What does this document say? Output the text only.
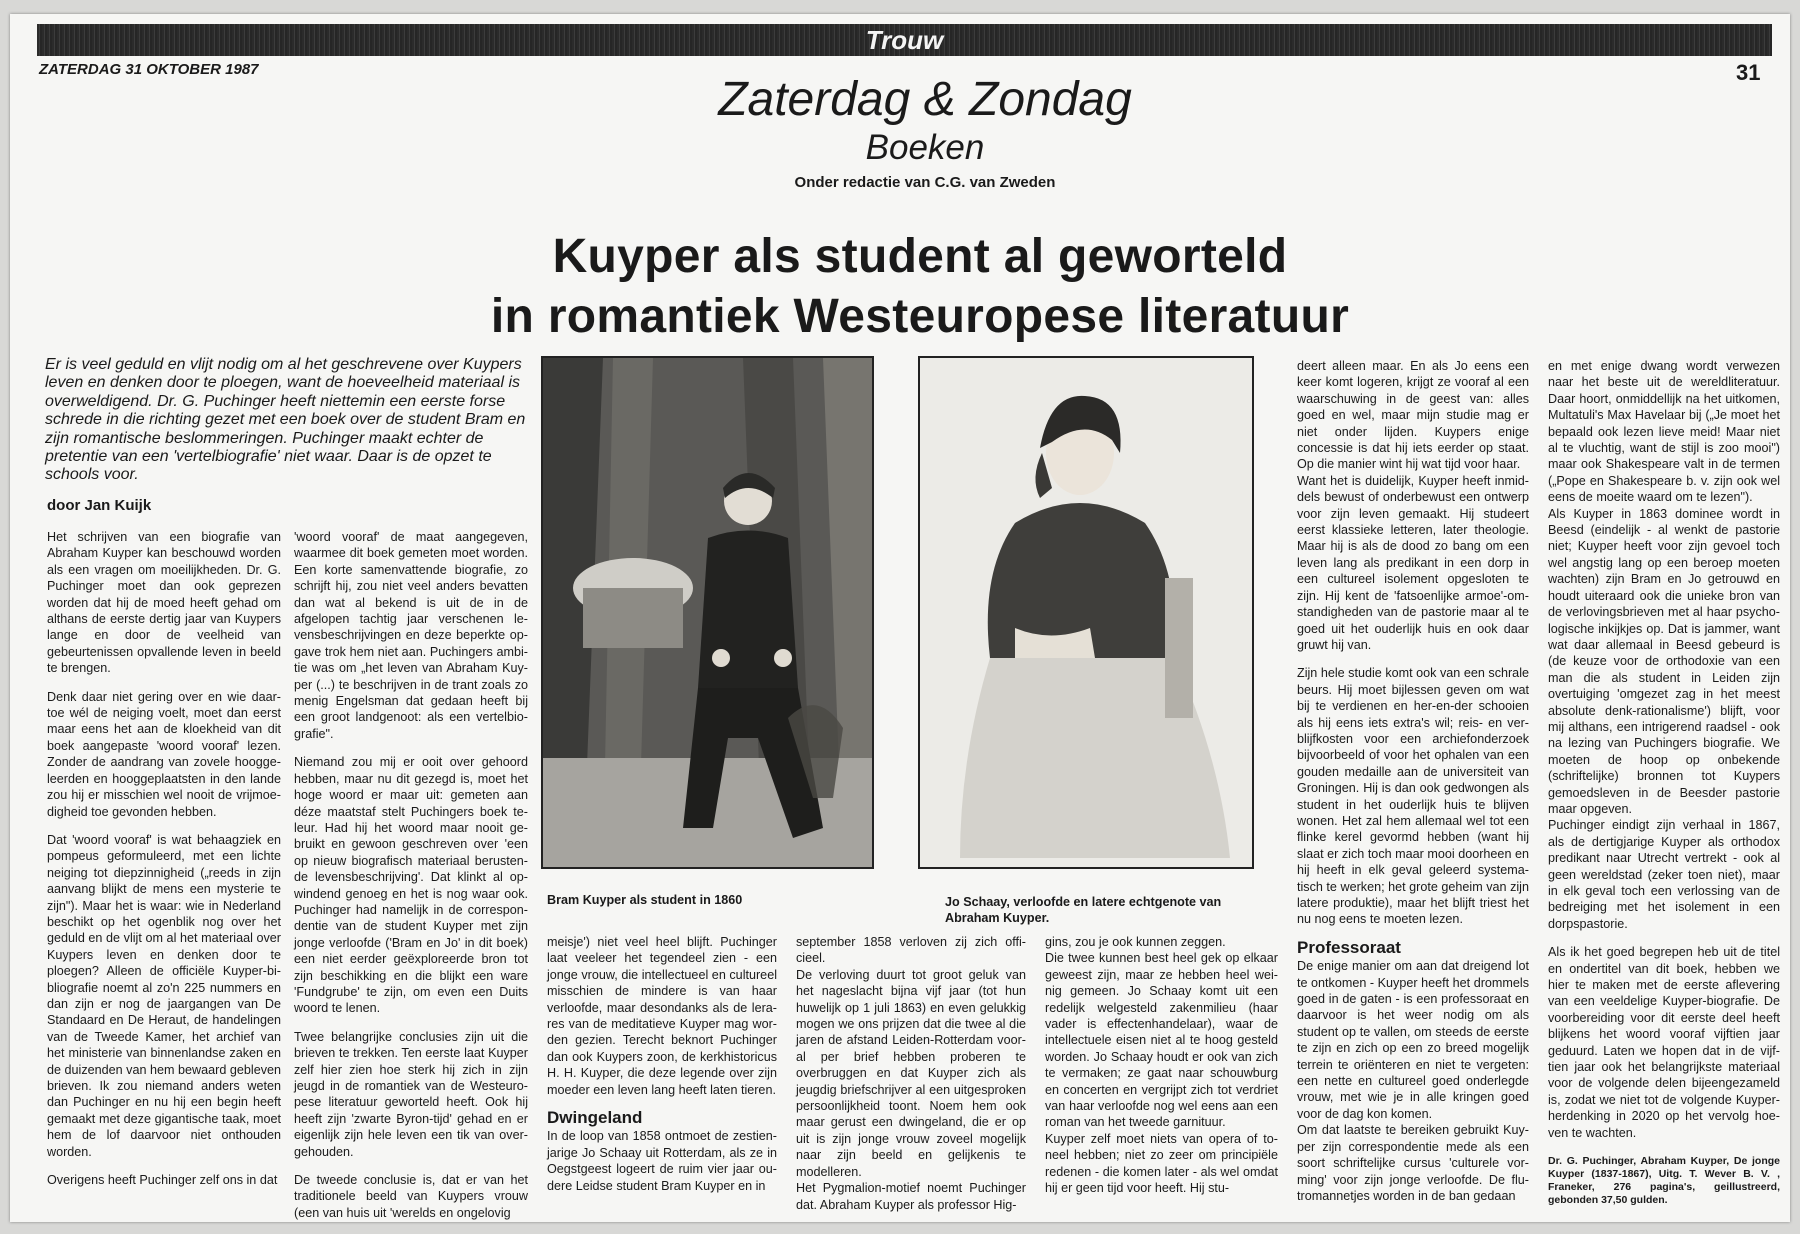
Trouw
ZATERDAG 31 OKTOBER 1987	31
Zaterdag & Zondag
Boeken
Onder redactie van C.G. van Zweden
Kuyper als student al geworteld
in romantiek Westeuropese literatuur
Er is veel geduld en vlijt nodig om al het geschrevene over Kuypers leven en denken door te ploegen, want de hoeveelheid materiaal is overweldigend. Dr. G. Puchinger heeft niettemin een eerste forse schrede in die richting gezet met een boek over de student Bram en zijn romantische beslommeringen. Puchinger maakt echter de pretentie van een 'vertelbiografie' niet waar. Daar is de opzet te schools voor.
door Jan Kuijk

Het schrijven van een biografie van Abraham Kuyper kan beschouwd worden als een vragen om moeilijkheden. Dr. G. Puchinger moet dan ook geprezen worden dat hij de moed heeft gehad om althans de eerste dertig jaar van Kuypers lange en door de veelheid van gebeurtenissen opvallende leven in beeld te brengen.

Denk daar niet gering over en wie daartoe wél de neiging voelt, moet dan eerst maar eens het aan de kloekheid van dit boek aangepaste 'woord vooraf' lezen. Zonder de aandrang van zovele hooggeleerden en hooggeplaatsten in den lande zou hij er misschien wel nooit de vrijmoedigheid toe gevonden hebben.

Dat 'woord vooraf' is wat behaagziek en pompeus geformuleerd, met een lichte neiging tot diepzinnigheid („reeds in zijn aanvang blijkt de mens een mysterie te zijn"). Maar het is waar: wie in Nederland beschikt op het ogenblik nog over het geduld en de vlijt om al het materiaal over Kuypers leven en denken door te ploegen? Alleen de officiële Kuyper-bibliografie noemt al zo'n 225 nummers en dan zijn er nog de jaargangen van De Standaard en De Heraut, de handelingen van de Tweede Kamer, het archief van het ministerie van binnenlandse zaken en de duizenden van hem bewaard gebleven brieven. Ik zou niemand anders weten dan Puchinger en nu hij een begin heeft gemaakt met deze gigantische taak, moet hem de lof daarvoor niet onthouden worden.

Overigens heeft Puchinger zelf ons in dat

'woord vooraf' de maat aangegeven, waarmee dit boek gemeten moet worden. Een korte samenvattende biografie, zo schrijft hij, zou niet veel anders bevatten dan wat al bekend is uit de in de afgelopen tachtig jaar verschenen levensbeschrijvingen en deze beperkte opgave trok hem niet aan. Puchingers ambitie was om „het leven van Abraham Kuyper (...) te beschrijven in de trant zoals zo menig Engelsman dat gedaan heeft bij een groot landgenoot: als een vertelbiografie".

Niemand zou mij er ooit over gehoord hebben, maar nu dit gezegd is, moet het hoge woord er maar uit: gemeten aan déze maatstaf stelt Puchingers boek teleur. Had hij het woord maar nooit gebruikt en gewoon geschreven over 'een op nieuw biografisch materiaal berustende levensbeschrijving'. Dat klinkt al opwindend genoeg en het is nog waar ook. Puchinger had namelijk in de correspondentie van de student Kuyper met zijn jonge verloofde ('Bram en Jo' in dit boek) een niet eerder geëxploreerde bron tot zijn beschikking en die blijkt een ware 'Fundgrube' te zijn, om even een Duits woord te lenen.

Twee belangrijke conclusies zijn uit die brieven te trekken. Ten eerste laat Kuyper zelf hier zien hoe sterk hij zich in zijn jeugd in de romantiek van de Westeuropese literatuur geworteld heeft. Ook hij heeft zijn 'zwarte Byron-tijd' gehad en er eigenlijk zijn hele leven een tik van overgehouden.

De tweede conclusie is, dat er van het traditionele beeld van Kuypers vrouw (een van huis uit 'werelds en ongelovig

Bram Kuyper als student in 1860	Jo Schaay, verloofde en latere echtgenote van Abraham Kuyper.

meisje') niet veel heel blijft. Puchinger laat veeleer het tegendeel zien - een jonge vrouw, die intellectueel en cultureel misschien de mindere is van haar verloofde, maar desondanks als de lerares van de meditatieve Kuyper mag worden gezien. Terecht beknort Puchinger dan ook Kuypers zoon, de kerkhistoricus H. H. Kuyper, die deze legende over zijn moeder een leven lang heeft laten tieren.

Dwingeland

In de loop van 1858 ontmoet de zestienjarige Jo Schaay uit Rotterdam, als ze in Oegstgeest logeert de ruim vier jaar oudere Leidse student Bram Kuyper en in

september 1858 verloven zij zich officieel.

De verloving duurt tot groot geluk van het nageslacht bijna vijf jaar (tot hun huwelijk op 1 juli 1863) en even gelukkig mogen we ons prijzen dat die twee al die jaren de afstand Leiden-Rotterdam vooral per brief hebben proberen te overbruggen en dat Kuyper zich als jeugdig briefschrijver al een uitgesproken persoonlijkheid toont. Noem hem ook maar gerust een dwingeland, die er op uit is zijn jonge vrouw zoveel mogelijk naar zijn beeld en gelijkenis te modelleren.

Het Pygmalion-motief noemt Puchinger dat. Abraham Kuyper als professor Hig-

gins, zou je ook kunnen zeggen.

Die twee kunnen best heel gek op elkaar geweest zijn, maar ze hebben heel weinig gemeen. Jo Schaay komt uit een redelijk welgesteld zakenmilieu (haar vader is effectenhandelaar), waar de intellectuele eisen niet al te hoog gesteld worden. Jo Schaay houdt er ook van zich te vermaken; ze gaat naar schouwburg en concerten en vergrijpt zich tot verdriet van haar verloofde nog wel eens aan een roman van het tweede garnituur.

Kuyper zelf moet niets van opera of toneel hebben; niet zo zeer om principiële redenen - die komen later - als wel omdat hij er geen tijd voor heeft. Hij stu-

deert alleen maar. En als Jo eens een keer komt logeren, krijgt ze vooraf al een waarschuwing in de geest van: alles goed en wel, maar mijn studie mag er niet onder lijden. Kuypers enige concessie is dat hij iets eerder op staat. Op die manier wint hij wat tijd voor haar.

Want het is duidelijk, Kuyper heeft inmiddels bewust of onderbewust een ontwerp voor zijn leven gemaakt. Hij studeert eerst klassieke letteren, later theologie. Maar hij is als de dood zo bang om een leven lang als predikant in een dorp in een cultureel isolement opgesloten te zijn. Hij kent de 'fatsoenlijke armoe'-omstandigheden van de pastorie maar al te goed uit het ouderlijk huis en ook daar gruwt hij van.

Zijn hele studie komt ook van een schrale beurs. Hij moet bijlessen geven om wat bij te verdienen en her-en-der schooien als hij eens iets extra's wil; reis- en verblijfkosten voor een archiefonderzoek bijvoorbeeld of voor het ophalen van een gouden medaille aan de universiteit van Groningen. Hij is dan ook gedwongen als student in het ouderlijk huis te blijven wonen. Het zal hem allemaal wel tot een flinke kerel gevormd hebben (want hij slaat er zich toch maar mooi doorheen en hij heeft in elk geval geleerd systematisch te werken; het grote geheim van zijn latere produktie), maar het blijft triest het nu nog eens te moeten lezen.

Professoraat

De enige manier om aan dat dreigend lot te ontkomen - Kuyper heeft het drommels goed in de gaten - is een professoraat en daarvoor is het weer nodig om als student op te vallen, om steeds de eerste te zijn en zich op een zo breed mogelijk terrein te oriënteren en niet te vergeten: een nette en cultureel goed onderlegde vrouw, met wie je in alle kringen goed voor de dag kon komen.

Om dat laatste te bereiken gebruikt Kuyper zijn correspondentie mede als een soort schriftelijke cursus 'culturele vorming' voor zijn jonge verloofde. De flutromannetjes worden in de ban gedaan

en met enige dwang wordt verwezen naar het beste uit de wereldliteratuur. Daar hoort, onmiddellijk na het uitkomen, Multatuli's Max Havelaar bij („Je moet het bepaald ook lezen lieve meid! Maar niet al te vluchtig, want de stijl is zoo mooi") maar ook Shakespeare valt in de termen („Pope en Shakespeare b. v. zijn ook wel eens de moeite waard om te lezen").

Als Kuyper in 1863 dominee wordt in Beesd (eindelijk - al wenkt de pastorie niet; Kuyper heeft voor zijn gevoel toch wel angstig lang op een beroep moeten wachten) zijn Bram en Jo getrouwd en houdt uiteraard ook die unieke bron van de verlovingsbrieven met al haar psychologische inkijkjes op. Dat is jammer, want wat daar allemaal in Beesd gebeurd is (de keuze voor de orthodoxie van een man die als student in Leiden zijn overtuiging 'omgezet zag in het meest absolute denk-rationalisme') blijft, voor mij althans, een intrigerend raadsel - ook na lezing van Puchingers biografie. We moeten de hoop op onbekende (schriftelijke) bronnen tot Kuypers gemoedsleven in de Beesder pastorie maar opgeven.

Puchinger eindigt zijn verhaal in 1867, als de dertigjarige Kuyper als orthodox predikant naar Utrecht vertrekt - ook al geen wereldstad (zeker toen niet), maar in elk geval toch een verlossing van de bedreiging met het isolement in een dorpspastorie.

Als ik het goed begrepen heb uit de titel en ondertitel van dit boek, hebben we hier te maken met de eerste aflevering van een veeldelige Kuyper-biografie. De voorbereiding voor dit eerste deel heeft blijkens het woord vooraf vijftien jaar geduurd. Laten we hopen dat in de vijftien jaar ook het belangrijkste materiaal voor de volgende delen bijeengezameld is, zodat we niet tot de volgende Kuyperherdenking in 2020 op het vervolg hoeven te wachten.

Dr. G. Puchinger, Abraham Kuyper, De jonge Kuyper (1837-1867), Uitg. T. Wever B. V. , Franeker, 276 pagina's, geillustreerd, gebonden 37,50 gulden.
